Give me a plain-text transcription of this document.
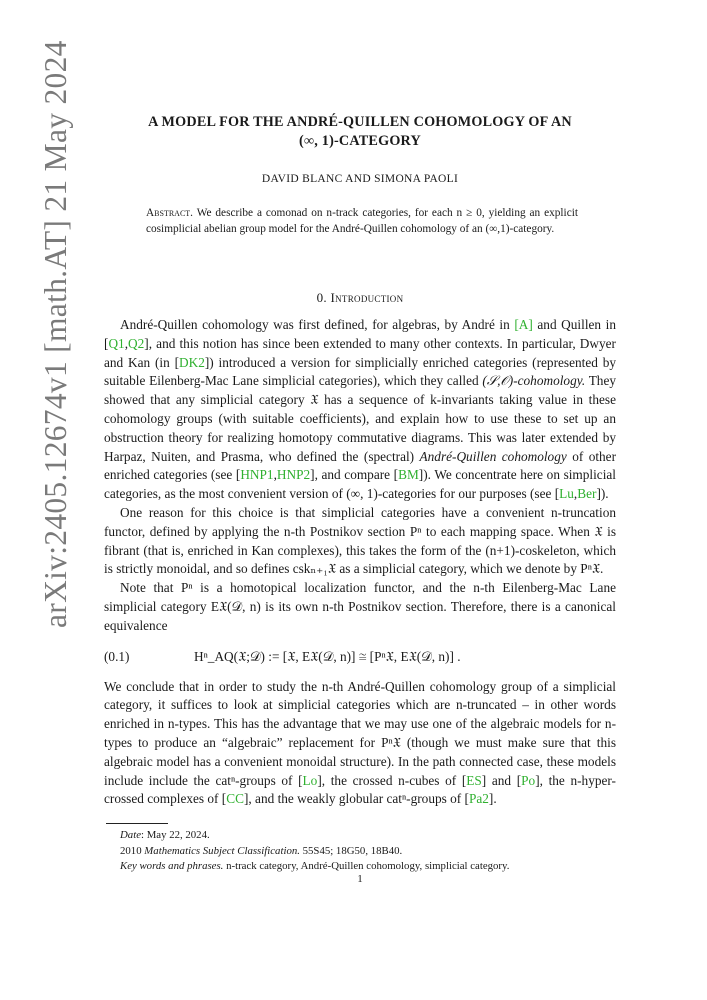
arXiv:2405.12674v1 [math.AT] 21 May 2024	A MODEL FOR THE ANDRÉ-QUILLEN COHOMOLOGY OF AN
(∞, 1)-CATEGORY
DAVID BLANC AND SIMONA PAOLI
Abstract. We describe a comonad on n-track categories, for each n ≥ 0, yielding an explicit cosimplicial abelian group model for the André-Quillen cohomology of an (∞,1)-category.
0. Introduction

André-Quillen cohomology was first defined, for algebras, by André in [A] and Quillen in [Q1,Q2], and this notion has since been extended to many other contexts. In particular, Dwyer and Kan (in [DK2]) introduced a version for simplicially enriched categories (represented by suitable Eilenberg-Mac Lane simplicial categories), which they called (𝒮,𝒪)-cohomology. They showed that any simplicial category 𝔛 has a sequence of k-invariants taking value in these cohomology groups (with suitable coefficients), and explain how to use these to set up an obstruction theory for realizing homotopy commutative diagrams. This was later extended by Harpaz, Nuiten, and Prasma, who defined the (spectral) André-Quillen cohomology of other enriched categories (see [HNP1,HNP2], and compare [BM]). We concentrate here on simplicial categories, as the most convenient version of (∞, 1)-categories for our purposes (see [Lu,Ber]).

One reason for this choice is that simplicial categories have a convenient n-truncation functor, defined by applying the n-th Postnikov section Pⁿ to each mapping space. When 𝔛 is fibrant (that is, enriched in Kan complexes), this takes the form of the (n+1)-coskeleton, which is strictly monoidal, and so defines cskₙ₊₁𝔛 as a simplicial category, which we denote by Pⁿ𝔛.

Note that Pⁿ is a homotopical localization functor, and the n-th Eilenberg-Mac Lane simplicial category E𝔛(𝒟, n) is its own n-th Postnikov section. Therefore, there is a canonical equivalence

(0.1)	Hⁿ_AQ(𝔛;𝒟) := [𝔛, E𝔛(𝒟, n)] ≅ [Pⁿ𝔛, E𝔛(𝒟, n)] .

We conclude that in order to study the n-th André-Quillen cohomology group of a simplicial category, it suffices to look at simplicial categories which are n-truncated – in other words enriched in n-types. This has the advantage that we may use one of the algebraic models for n-types to produce an “algebraic” replacement for Pⁿ𝔛 (though we must make sure that this algebraic model has a convenient monoidal structure). In the path connected case, these models include include the catⁿ-groups of [Lo], the crossed n-cubes of [ES] and [Po], the n-hyper-crossed complexes of [CC], and the weakly globular catⁿ-groups of [Pa2].

Date: May 22, 2024.
2010 Mathematics Subject Classification. 55S45; 18G50, 18B40.
Key words and phrases. n-track category, André-Quillen cohomology, simplicial category.
1
